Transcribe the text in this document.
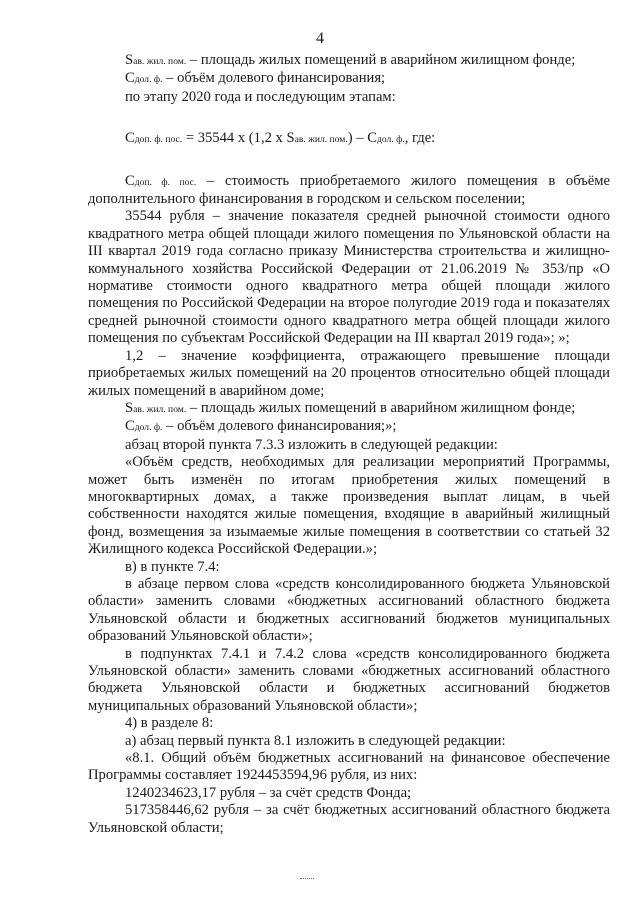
4

Sав. жил. пом. – площадь жилых помещений в аварийном жилищном фонде;

Сдол. ф. – объём долевого финансирования;

по этапу 2020 года и последующим этапам:

Сдоп. ф. пос. = 35544 х (1,2 х Sав. жил. пом.) – Сдол. ф., где:

Сдоп. ф. пос. – стоимость приобретаемого жилого помещения в объёме дополнительного финансирования в городском и сельском поселении;

35544 рубля – значение показателя средней рыночной стоимости одного квадратного метра общей площади жилого помещения по Ульяновской области на III квартал 2019 года согласно приказу Министерства строительства и жилищно-коммунального хозяйства Российской Федерации от 21.06.2019 № 353/пр «О нормативе стоимости одного квадратного метра общей площади жилого помещения по Российской Федерации на второе полугодие 2019 года и показателях средней рыночной стоимости одного квадратного метра общей площади жилого помещения по субъектам Российской Федерации на III квартал 2019 года»; »;

1,2 – значение коэффициента, отражающего превышение площади приобретаемых жилых помещений на 20 процентов относительно общей площади жилых помещений в аварийном доме;

Sав. жил. пом. – площадь жилых помещений в аварийном жилищном фонде;

Сдол. ф. – объём долевого финансирования;»;

абзац второй пункта 7.3.3 изложить в следующей редакции:

«Объём средств, необходимых для реализации мероприятий Программы, может быть изменён по итогам приобретения жилых помещений в многоквартирных домах, а также произведения выплат лицам, в чьей собственности находятся жилые помещения, входящие в аварийный жилищный фонд, возмещения за изымаемые жилые помещения в соответствии со статьей 32 Жилищного кодекса Российской Федерации.»;

в) в пункте 7.4:

в абзаце первом слова «средств консолидированного бюджета Ульяновской области» заменить словами «бюджетных ассигнований областного бюджета Ульяновской области и бюджетных ассигнований бюджетов муниципальных образований Ульяновской области»;

в подпунктах 7.4.1 и 7.4.2 слова «средств консолидированного бюджета Ульяновской области» заменить словами «бюджетных ассигнований областного бюджета Ульяновской области и бюджетных ассигнований бюджетов муниципальных образований Ульяновской области»;

4) в разделе 8:

а) абзац первый пункта 8.1 изложить в следующей редакции:

«8.1. Общий объём бюджетных ассигнований на финансовое обеспечение Программы составляет 1924453594,96 рубля, из них:

1240234623,17 рубля – за счёт средств Фонда;

517358446,62 рубля – за счёт бюджетных ассигнований областного бюджета Ульяновской области;
